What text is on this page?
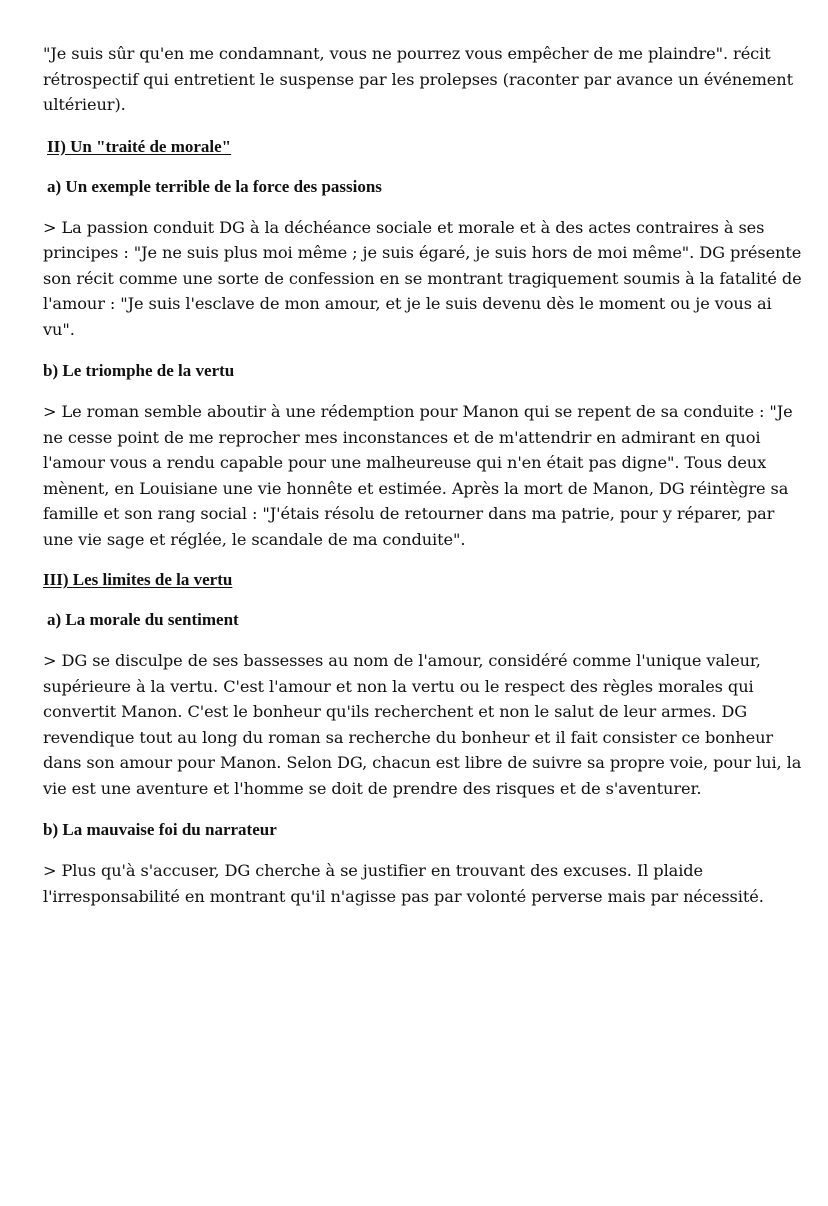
"Je suis sûr qu'en me condamnant, vous ne pourrez vous empêcher de me plaindre". récit rétrospectif qui entretient le suspense par les prolepses (raconter par avance un événement ultérieur).

II) Un "traité de morale"
a) Un exemple terrible de la force des passions

> La passion conduit DG à la déchéance sociale et morale et à des actes contraires à ses principes : "Je ne suis plus moi même ; je suis égaré, je suis hors de moi même". DG présente son récit comme une sorte de confession en se montrant tragiquement soumis à la fatalité de l'amour : "Je suis l'esclave de mon amour, et je le suis devenu dès le moment ou je vous ai vu".

b) Le triomphe de la vertu

> Le roman semble aboutir à une rédemption pour Manon qui se repent de sa conduite : "Je ne cesse point de me reprocher mes inconstances et de m'attendrir en admirant en quoi l'amour vous a rendu capable pour une malheureuse qui n'en était pas digne". Tous deux mènent, en Louisiane une vie honnête et estimée. Après la mort de Manon, DG réintègre sa famille et son rang social : "J'étais résolu de retourner dans ma patrie, pour y réparer, par une vie sage et réglée, le scandale de ma conduite".

III) Les limites de la vertu
a) La morale du sentiment

> DG se disculpe de ses bassesses au nom de l'amour, considéré comme l'unique valeur, supérieure à la vertu. C'est l'amour et non la vertu ou le respect des règles morales qui convertit Manon. C'est le bonheur qu'ils recherchent et non le salut de leur armes. DG revendique tout au long du roman sa recherche du bonheur et il fait consister ce bonheur dans son amour pour Manon. Selon DG, chacun est libre de suivre sa propre voie, pour lui, la vie est une aventure et l'homme se doit de prendre des risques et de s'aventurer.

b) La mauvaise foi du narrateur

> Plus qu'à s'accuser, DG cherche à se justifier en trouvant des excuses. Il plaide l'irresponsabilité en montrant qu'il n'agisse pas par volonté perverse mais par nécessité.
